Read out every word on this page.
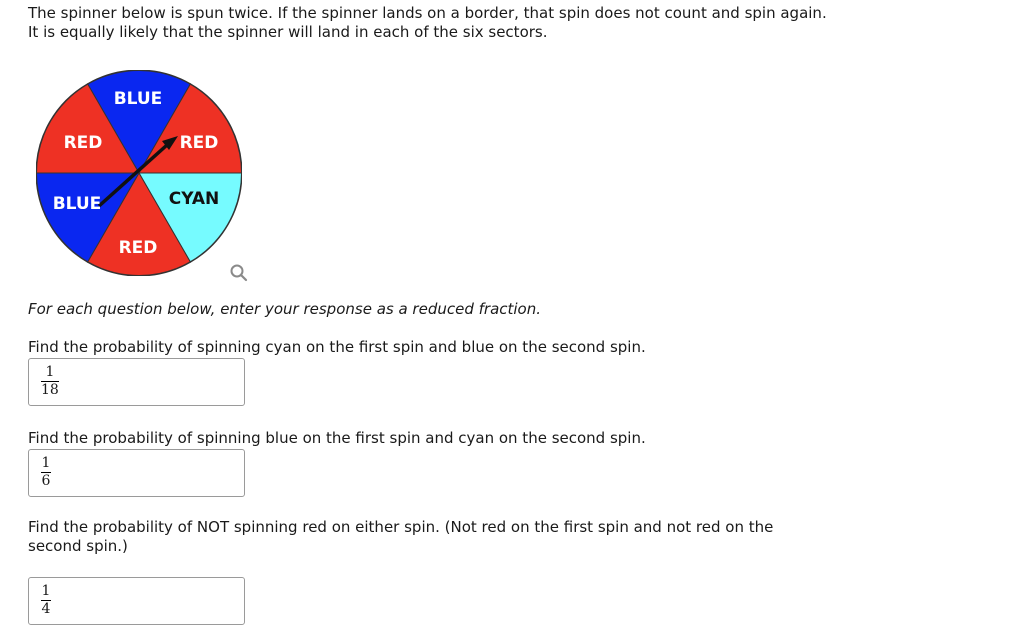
The spinner below is spun twice. If the spinner lands on a border, that spin does not count and spin again.
It is equally likely that the spinner will land in each of the six sectors.

BLUE
RED
CYAN
RED
BLUE
RED

For each question below, enter your response as a reduced fraction.

Find the probability of spinning cyan on the first spin and blue on the second spin.

1
18

Find the probability of spinning blue on the first spin and cyan on the second spin.

1
6

Find the probability of NOT spinning red on either spin. (Not red on the first spin and not red on the second spin.)

1
4
